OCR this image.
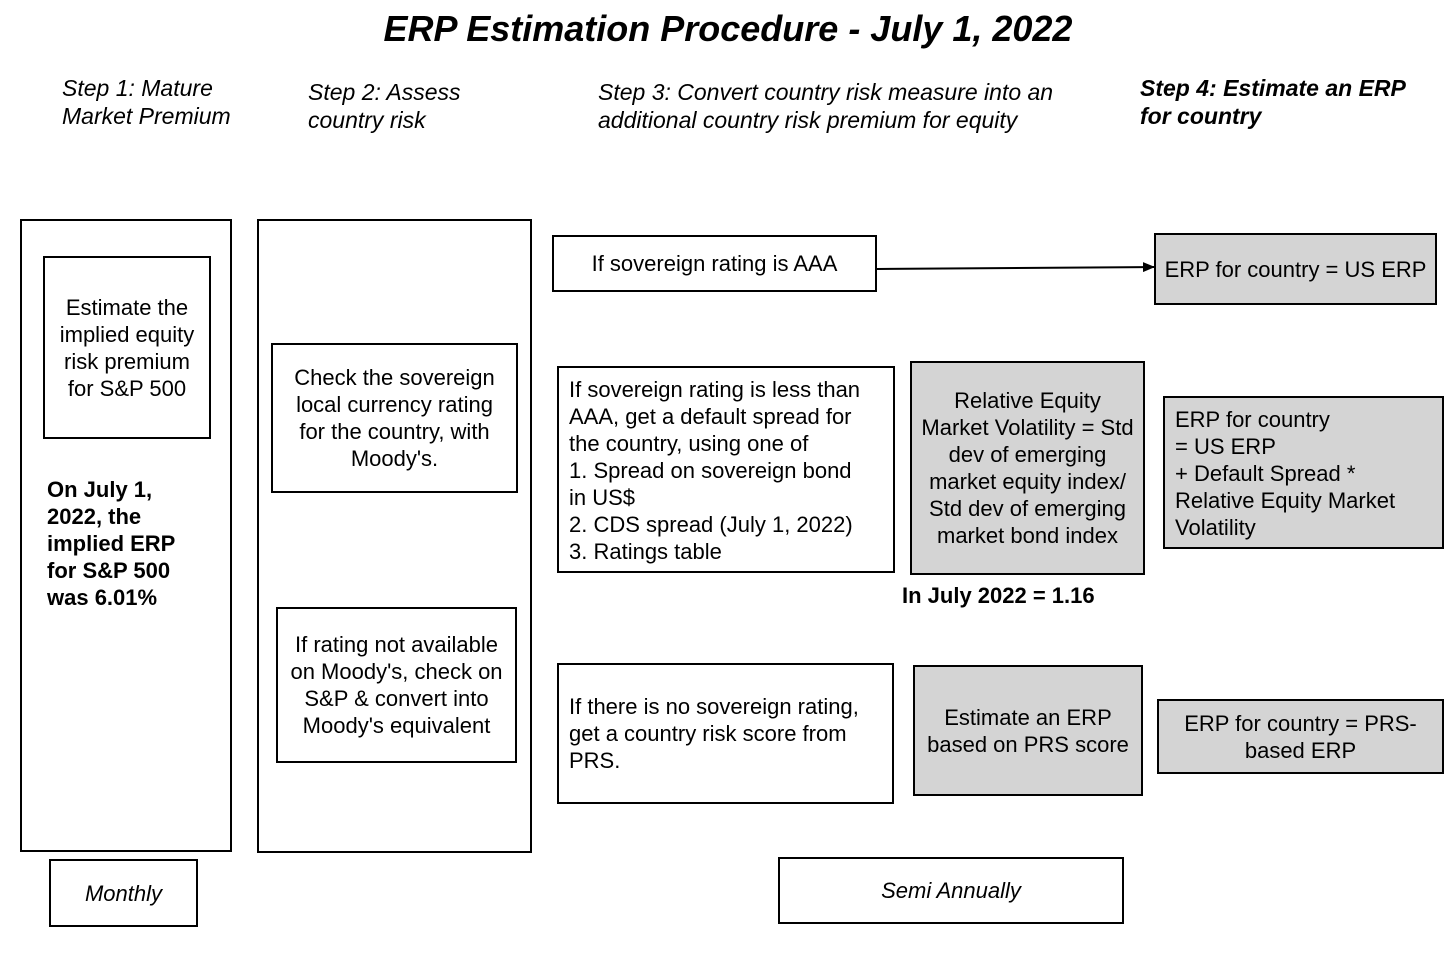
ERP Estimation Procedure - July 1, 2022
Step 1: Mature
Market Premium
Step 2: Assess
country risk
Step 3: Convert country risk measure into an
additional country risk premium for equity
Step 4: Estimate an ERP
for country
Estimate the implied equity risk premium for S&P 500
On July 1,
2022, the
implied ERP
for S&P 500
was 6.01%
Monthly
Check the sovereign local currency rating for the country, with Moody's.
If rating not available on Moody's, check on S&P & convert into Moody's equivalent
If sovereign rating is AAA
If sovereign rating is less than
AAA, get a default spread for
the country, using one of
1. Spread on sovereign bond
in US$
2. CDS spread (July 1, 2022)
3. Ratings table
If there is no sovereign rating,
get a country risk score from
PRS.
Semi Annually
Relative Equity Market Volatility = Std dev of emerging market equity index/ Std dev of emerging market bond index
In July 2022 = 1.16
Estimate an ERP based on PRS score
ERP for country = US ERP
ERP for country
= US ERP
+ Default Spread *
Relative Equity Market
Volatility
ERP for country = PRS-based ERP
